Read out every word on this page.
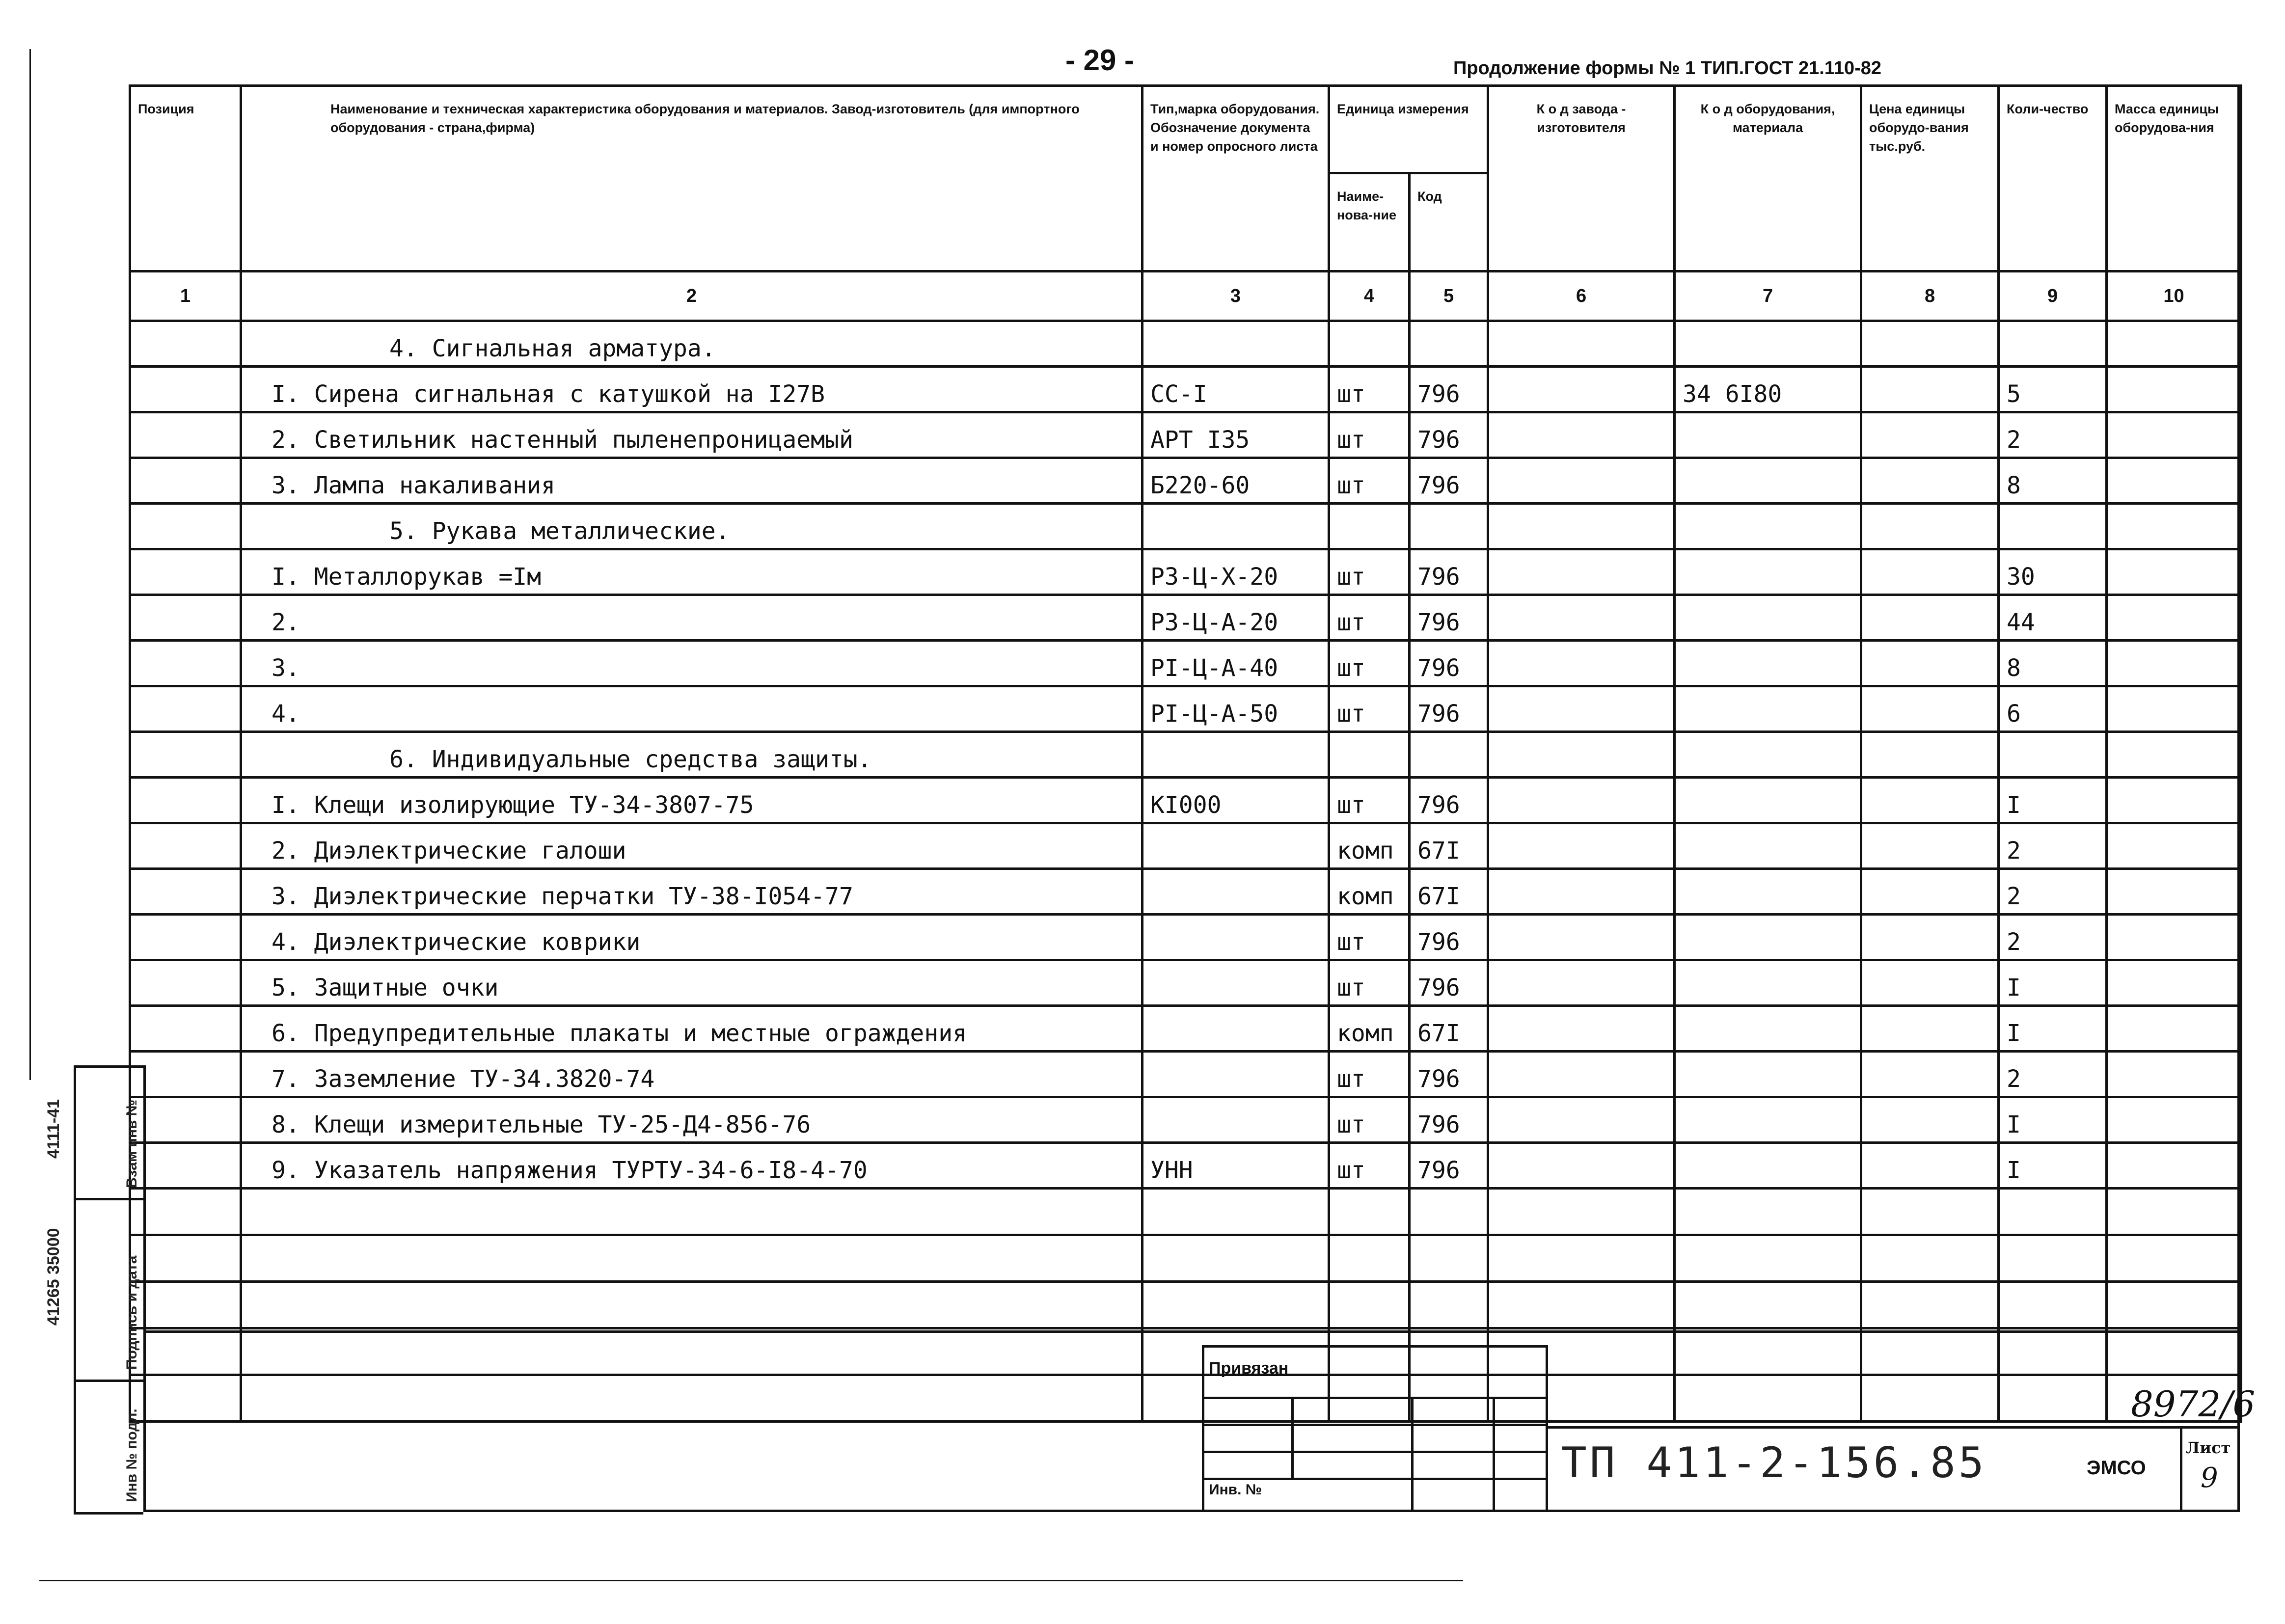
- 29 -	Продолжение формы № 1 ТИП.ГОСТ 21.110-82
Позиция	Наименование и техническая характеристика оборудования и материалов. Завод-изготовитель (для импортного оборудования - страна,фирма)	Тип,марка оборудования. Обозначение документа и номер опросного листа	Единица измерения		К о д завода - изготовителя	К о д оборудования, материала	Цена единицы оборудо-вания тыс.руб.	Коли-чество	Масса единицы оборудова-ния
			Наиме-нова-ние	Код					
1	2	3	4	5	6	7	8	9	10
	4. Сигнальная арматура.								
	I. Сирена сигнальная с катушкой на I27В	СС-I	шт	796		34 6I80		5	
	2. Светильник настенный пыленепроницаемый	АРТ I35	шт	796				2	
	3. Лампа накаливания	Б220-60	шт	796				8	
	5. Рукава металлические.								
	I. Металлорукав =Iм	Р3-Ц-Х-20	шт	796				30	
	2.	Р3-Ц-А-20	шт	796				44	
	3.	РI-Ц-А-40	шт	796				8	
	4.	РI-Ц-А-50	шт	796				6	
	6. Индивидуальные средства защиты.								
	I. Клещи изолирующие ТУ-34-3807-75	КI000	шт	796				I	
	2. Диэлектрические галоши		комп	67I				2	
	3. Диэлектрические перчатки ТУ-38-I054-77		комп	67I				2	
	4. Диэлектрические коврики		шт	796				2	
	5. Защитные очки		шт	796				I	
	6. Предупредительные плакаты и местные ограждения		комп	67I				I	
	7. Заземление ТУ-34.3820-74		шт	796				2	
	8. Клещи измерительные ТУ-25-Д4-856-76		шт	796				I	
	9. Указатель напряжения ТУРТУ-34-6-I8-4-70	УНН	шт	796				I	

Взам инв №
Подпись и дата
Инв № подл.
41265 35000
4111-41
Привязан
Инв. №
ТП 411-2-156.85
8972/6
ЭМСО
Лист
9
